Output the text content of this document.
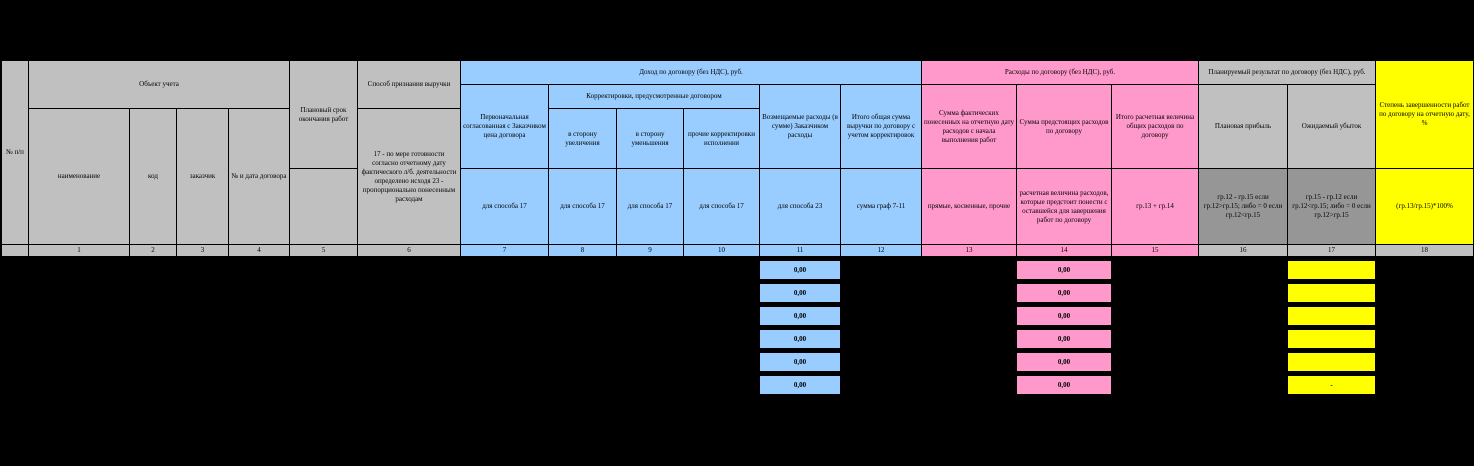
№ п/п	Объект учета				Плановый срок окончания работ	Способ признания выручки	Доход по договору (без НДС), руб.						Расходы по договору (без НДС), руб.			Планируемый результат по договору (без НДС), руб.		Степень завершенности работ по договору на отчетную дату, %
							Первоначальная согласованная с Заказчиком цена договора	Корректировки, предусмотренные договором			Возмещаемые расходы (в сумме) Заказчиком расходы	Итого общая сумма выручки по договору с учетом корректировок	Сумма фактических понесенных на отчетную дату расходов с начала выполнения работ	Сумма предстоящих расходов по договору	Итого расчетная величина общих расходов по договору	Плановая прибыль	Ожидаемый убыток	
	наименование	код	заказчик	№ и дата договора		17 - по мере готовности согласно отчетному дату фактического л/б. деятельности определено исходя 23 - пропорционально понесенным расходам		в сторону увеличения	в сторону уменьшения	прочие корректировки исполнения								
							для способа 17	для способа 17	для способа 17	для способа 17	для способа 23	сумма граф 7-11	прямые, косвенные, прочие	расчетная величина расходов, которые предстоит понести с оставшейся для завершения работ по договору	гр.13 + гр.14	гр.12 - гр.15 если гр.12>гр.15; либо = 0 если гр.12<гр.15	гр.15 - гр.12 если гр.12<гр.15; либо = 0 если гр.12>гр.15	(гр.13/гр.15)*100%
	1	2	3	4	5	6	7	8	9	10	11	12	13	14	15	16	17	18

											0,00			0,00				

											0,00			0,00				

											0,00			0,00				

											0,00			0,00				

											0,00			0,00				

											0,00			0,00			-	
